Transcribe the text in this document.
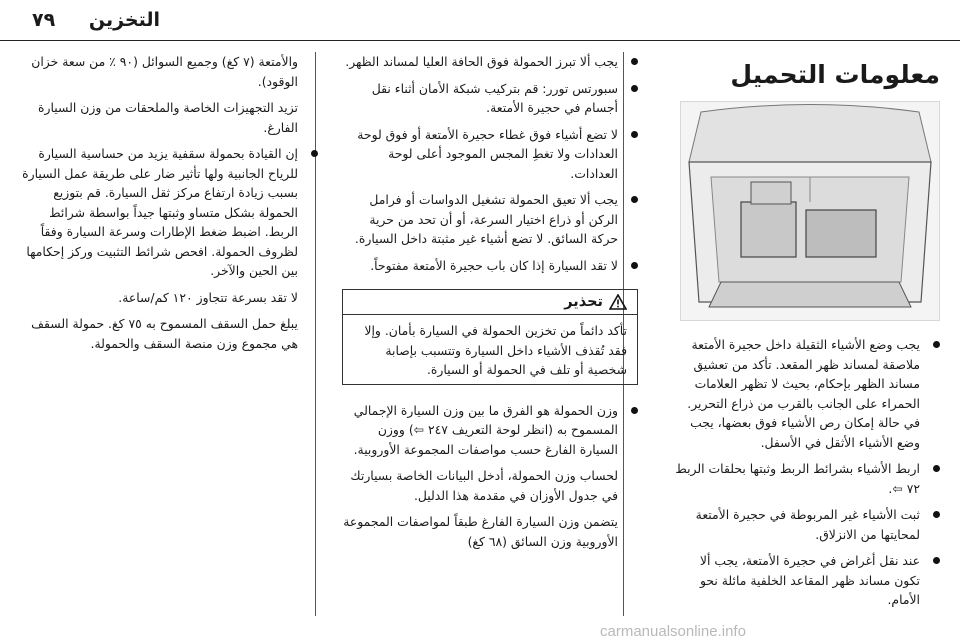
٧٩ التخزين
معلومات التحميل

يجب وضع الأشياء الثقيلة داخل حجيرة الأمتعة ملاصقة لمساند ظهر المقعد. تأكد من تعشيق مساند الظهر بإحكام، بحيث لا تظهر العلامات الحمراء على الجانب بالقرب من ذراع التحرير. في حالة إمكان رص الأشياء فوق بعضها، يجب وضع الأشياء الأثقل في الأسفل.

اربط الأشياء بشرائط الربط وثبتها بحلقات الربط ٧٢ ⇦.

ثبت الأشياء غير المربوطة في حجيرة الأمتعة لمحايتها من الانزلاق.

عند نقل أغراض في حجيرة الأمتعة، يجب ألا تكون مساند ظهر المقاعد الخلفية مائلة نحو الأمام.

يجب ألا تبرز الحمولة فوق الحافة العليا لمساند الظهر.

سبورتس تورر: قم بتركيب شبكة الأمان أثناء نقل أجسام في حجيرة الأمتعة.

لا تضع أشياء فوق غطاء حجيرة الأمتعة أو فوق لوحة العدادات ولا تغطِ المجس الموجود أعلى لوحة العدادات.

يجب ألا تعيق الحمولة تشغيل الدواسات أو فرامل الركن أو ذراع اختيار السرعة، أو أن تحد من حرية حركة السائق. لا تضع أشياء غير مثبتة داخل السيارة.

لا تقد السيارة إذا كان باب حجيرة الأمتعة مفتوحاً.

تحذير

تأكد دائماً من تخزين الحمولة في السيارة بأمان. وإلا فقد تُقذف الأشياء داخل السيارة وتتسبب بإصابة شخصية أو تلف في الحمولة أو السيارة.

وزن الحمولة هو الفرق ما بين وزن السيارة الإجمالي المسموح به (انظر لوحة التعريف ٢٤٧ ⇦) ووزن السيارة الفارغ حسب مواصفات المجموعة الأوروبية.

لحساب وزن الحمولة، أدخل البيانات الخاصة بسيارتك في جدول الأوزان في مقدمة هذا الدليل.

يتضمن وزن السيارة الفارغ طبقاً لمواصفات المجموعة الأوروبية وزن السائق (٦٨ كغ)

والأمتعة (٧ كغ) وجميع السوائل (٩٠ ٪ من سعة خزان الوقود).

تزيد التجهيزات الخاصة والملحقات من وزن السيارة الفارغ.

إن القيادة بحمولة سقفية يزيد من حساسية السيارة للرياح الجانبية ولها تأثير ضار على طريقة عمل السيارة بسبب زيادة ارتفاع مركز ثقل السيارة. قم بتوزيع الحمولة بشكل متساو وثبتها جيداً بواسطة شرائط الربط. اضبط ضغط الإطارات وسرعة السيارة وفقاً لظروف الحمولة. افحص شرائط التثبيت وركز إحكامها بين الحين والآخر.

لا تقد بسرعة تتجاوز ١٢٠ كم/ساعة.

يبلغ حمل السقف المسموح به ٧٥ كغ. حمولة السقف هي مجموع وزن منصة السقف والحمولة.

carmanualsonline.info
